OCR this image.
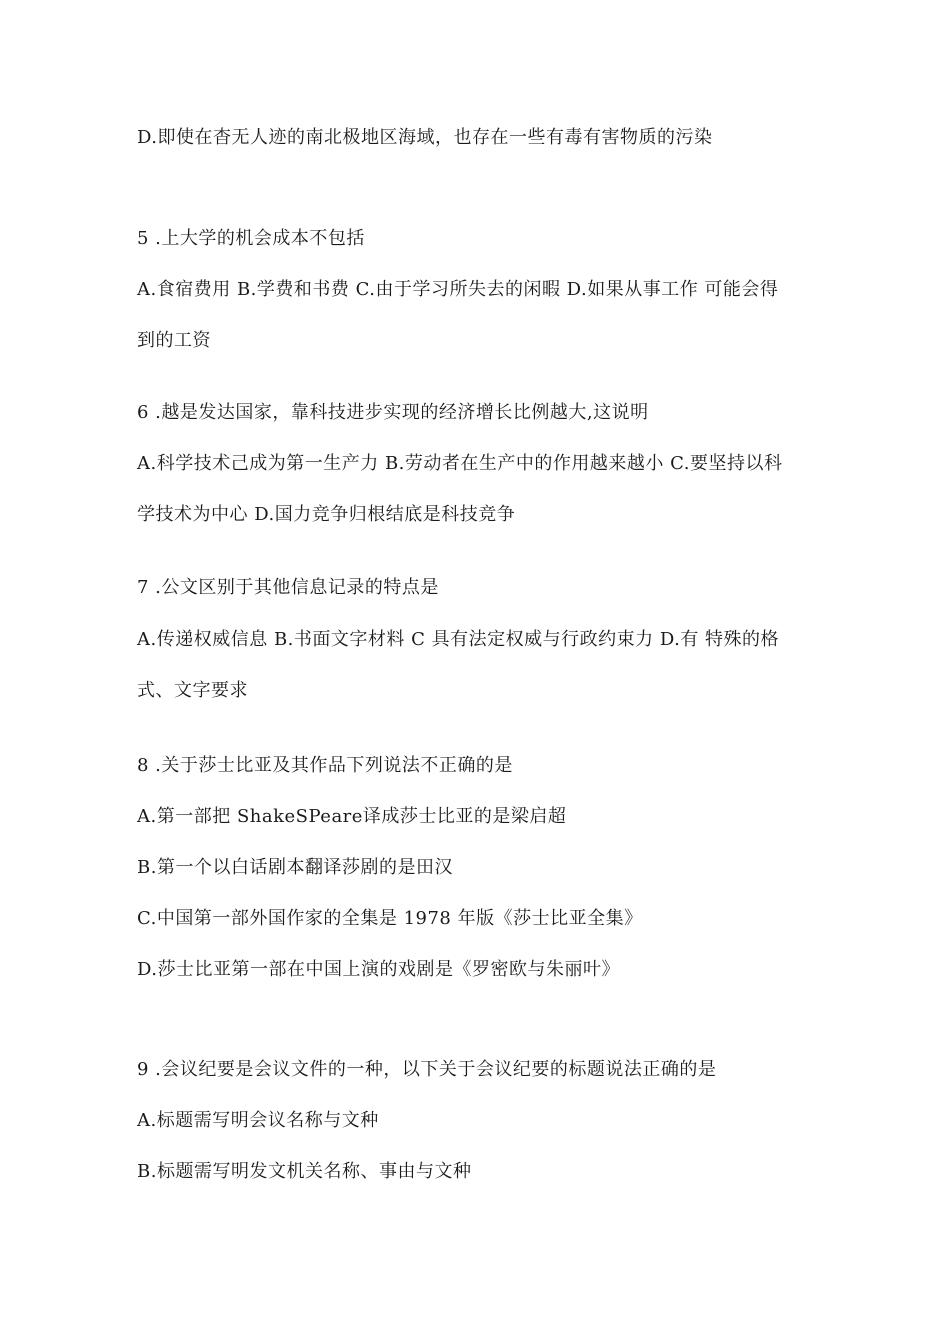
D.即使在杳无人迹的南北极地区海域，也存在一些有毒有害物质的污染
5 .上大学的机会成本不包括
A.食宿费用 B.学费和书费 C.由于学习所失去的闲暇 D.如果从事工作 可能会得
到的工资
6 .越是发达国家，靠科技进步实现的经济增长比例越大,这说明
A.科学技术己成为第一生产力 B.劳动者在生产中的作用越来越小 C.要坚持以科
学技术为中心 D.国力竞争归根结底是科技竞争
7 .公文区别于其他信息记录的特点是
A.传递权威信息 B.书面文字材料 C 具有法定权威与行政约束力 D.有 特殊的格
式、文字要求
8 .关于莎士比亚及其作品下列说法不正确的是
A.第一部把 ShakeSPeare译成莎士比亚的是梁启超
B.第一个以白话剧本翻译莎剧的是田汉
C.中国第一部外国作家的全集是 1978 年版《莎士比亚全集》
D.莎士比亚第一部在中国上演的戏剧是《罗密欧与朱丽叶》
9 .会议纪要是会议文件的一种，以下关于会议纪要的标题说法正确的是
A.标题需写明会议名称与文种
B.标题需写明发文机关名称、事由与文种
